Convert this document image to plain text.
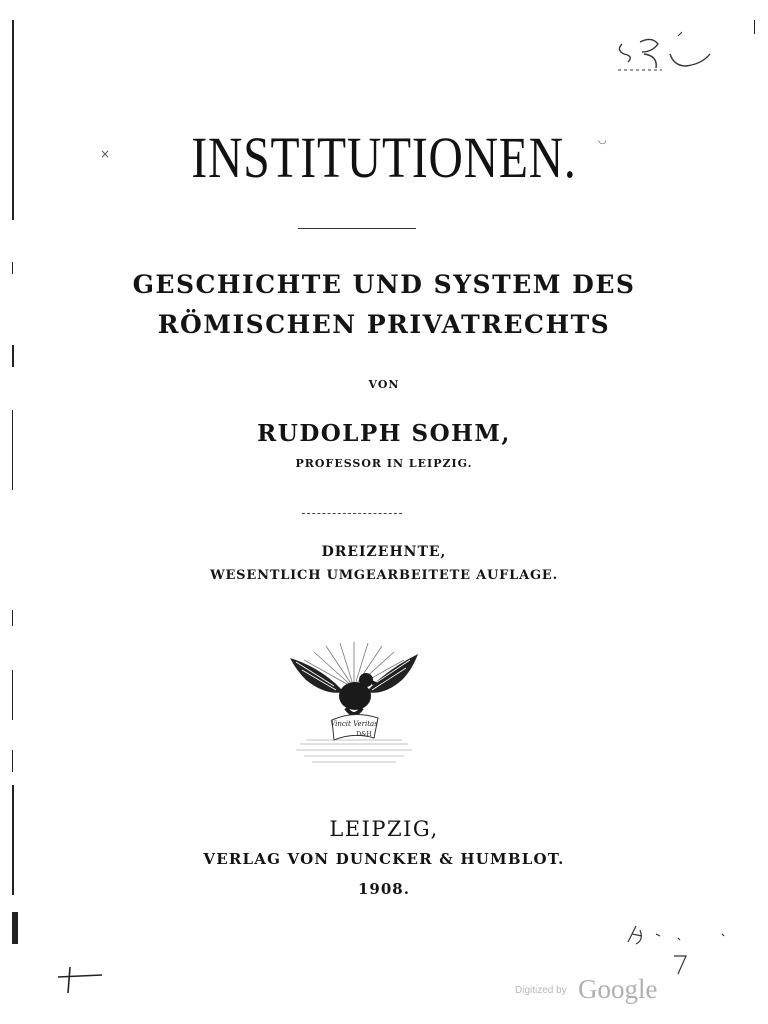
×
◡
INSTITUTIONEN.
GESCHICHTE UND SYSTEM DES
RÖMISCHEN PRIVATRECHTS
VON
RUDOLPH SOHM,
PROFESSOR IN LEIPZIG.
DREIZEHNTE,
WESENTLICH UMGEARBEITETE AUFLAGE.
Vincit Veritas
D&H
LEIPZIG,
VERLAG VON DUNCKER & HUMBLOT.
1908.
Digitized by Google
